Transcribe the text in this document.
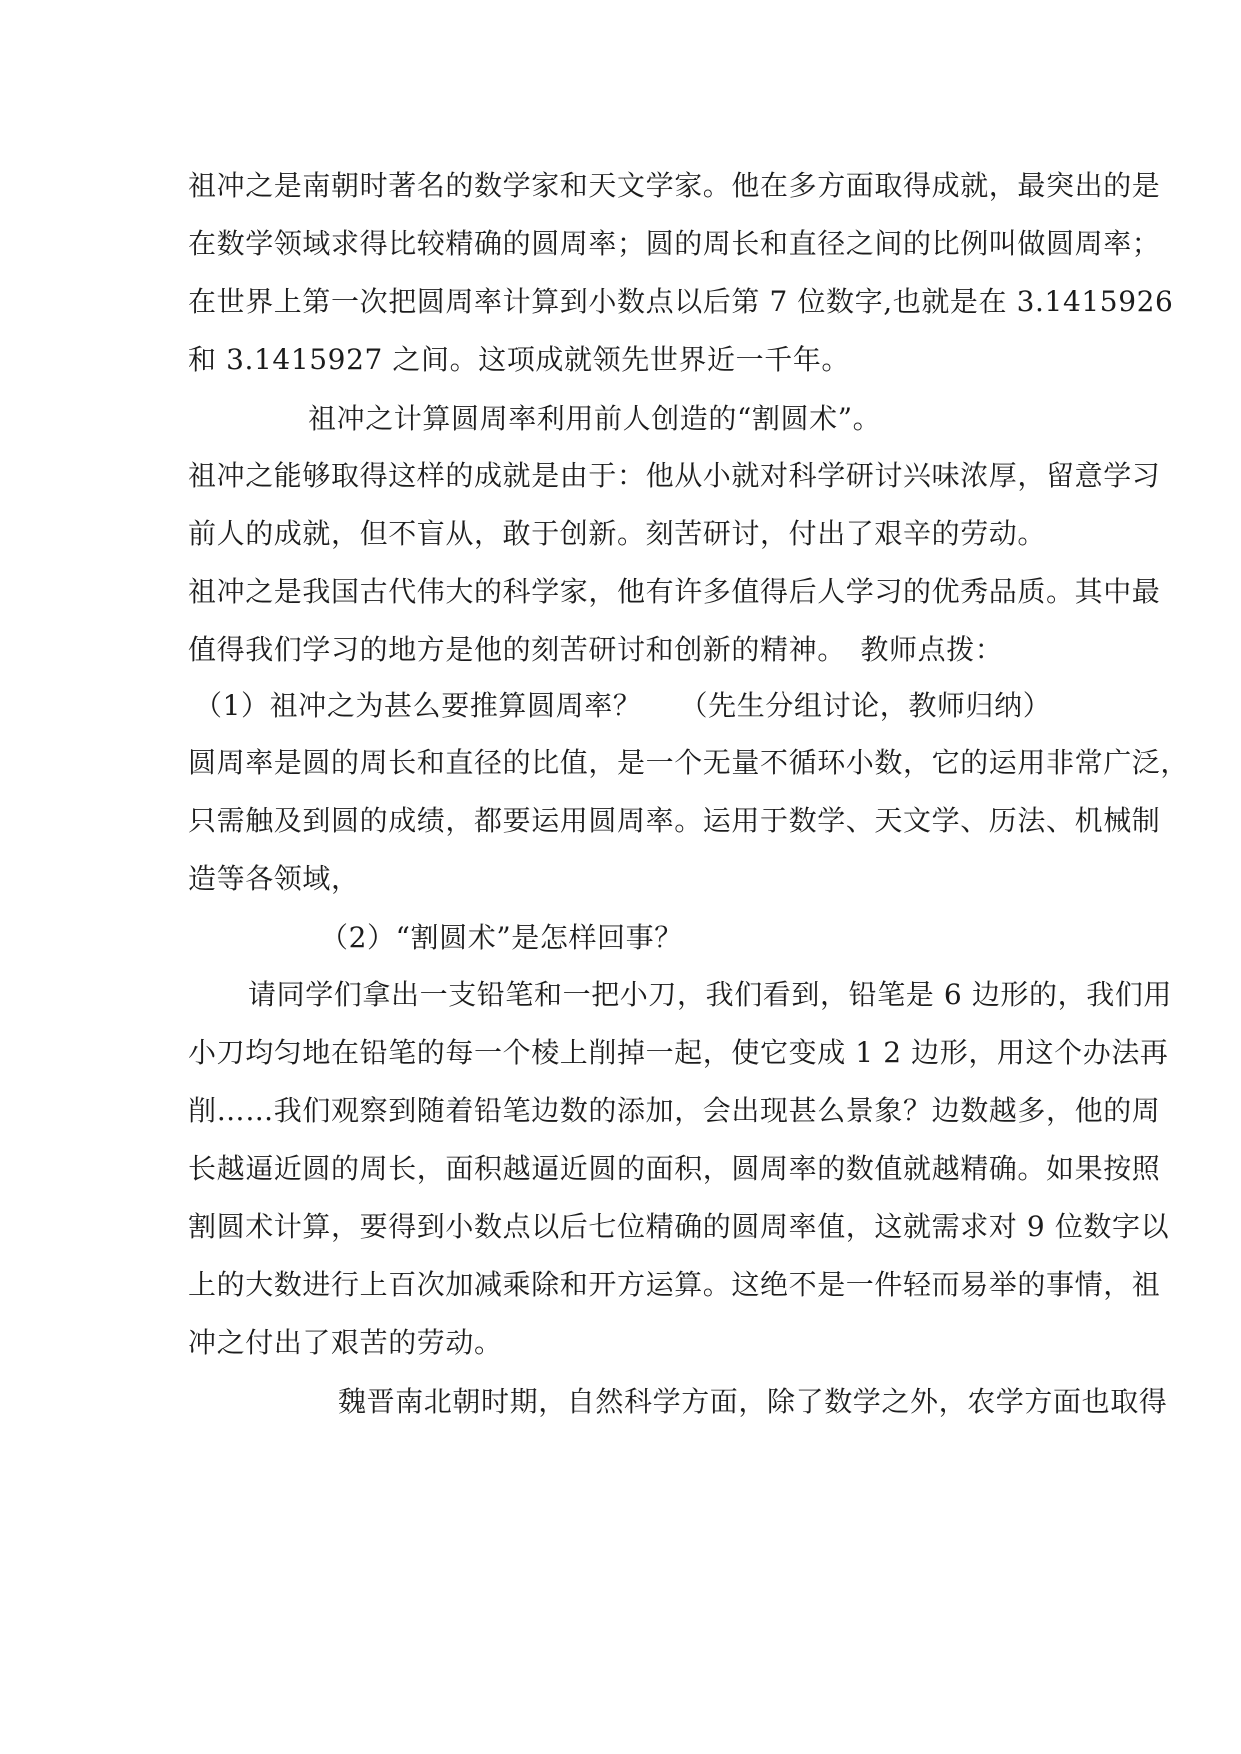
祖冲之是南朝时著名的数学家和天文学家。他在多方面取得成就，最突出的是

在数学领域求得比较精确的圆周率；圆的周长和直径之间的比例叫做圆周率；

在世界上第一次把圆周率计算到小数点以后第 7 位数字,也就是在 3.1415926

和 3.1415927 之间。这项成就领先世界近一千年。

祖冲之计算圆周率利用前人创造的“割圆术”。

祖冲之能够取得这样的成就是由于：他从小就对科学研讨兴味浓厚，留意学习

前人的成就，但不盲从，敢于创新。刻苦研讨，付出了艰辛的劳动。

祖冲之是我国古代伟大的科学家，他有许多值得后人学习的优秀品质。其中最

值得我们学习的地方是他的刻苦研讨和创新的精神。　教师点拨：

（1）祖冲之为甚么要推算圆周率？　 （先生分组讨论，教师归纳）

圆周率是圆的周长和直径的比值，是一个无量不循环小数，它的运用非常广泛，

只需触及到圆的成绩，都要运用圆周率。运用于数学、天文学、历法、机械制

造等各领域，

（2）“割圆术”是怎样回事？

请同学们拿出一支铅笔和一把小刀，我们看到，铅笔是 6 边形的，我们用

小刀均匀地在铅笔的每一个棱上削掉一起，使它变成 1 2 边形，用这个办法再

削……我们观察到随着铅笔边数的添加，会出现甚么景象？边数越多，他的周

长越逼近圆的周长，面积越逼近圆的面积，圆周率的数值就越精确。如果按照

割圆术计算，要得到小数点以后七位精确的圆周率值，这就需求对 9 位数字以

上的大数进行上百次加减乘除和开方运算。这绝不是一件轻而易举的事情，祖

冲之付出了艰苦的劳动。

魏晋南北朝时期，自然科学方面，除了数学之外，农学方面也取得
